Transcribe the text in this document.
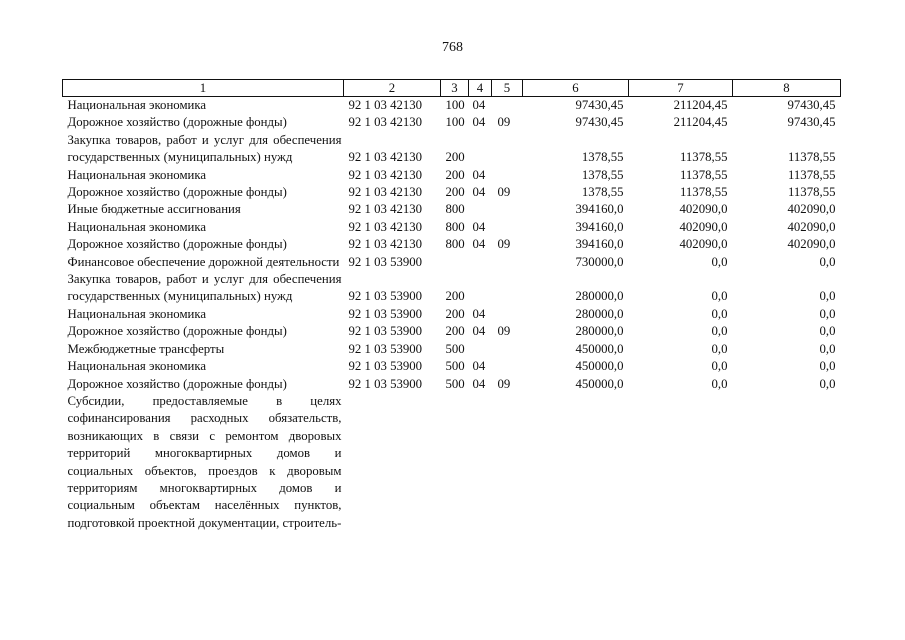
768
1	2	3	4	5	6	7	8
Национальная экономика	92 1 03 42130	100	04		97430,45	211204,45	97430,45
Дорожное хозяйство (дорожные фонды)	92 1 03 42130	100	04	09	97430,45	211204,45	97430,45
Закупка товаров, работ и услуг для обеспечения государственных (муниципальных) нужд	92 1 03 42130	200			1378,55	11378,55	11378,55
Национальная экономика	92 1 03 42130	200	04		1378,55	11378,55	11378,55
Дорожное хозяйство (дорожные фонды)	92 1 03 42130	200	04	09	1378,55	11378,55	11378,55
Иные бюджетные ассигнования	92 1 03 42130	800			394160,0	402090,0	402090,0
Национальная экономика	92 1 03 42130	800	04		394160,0	402090,0	402090,0
Дорожное хозяйство (дорожные фонды)	92 1 03 42130	800	04	09	394160,0	402090,0	402090,0
Финансовое обеспечение дорожной деятельности	92 1 03 53900				730000,0	0,0	0,0
Закупка товаров, работ и услуг для обеспечения государственных (муниципальных) нужд	92 1 03 53900	200			280000,0	0,0	0,0
Национальная экономика	92 1 03 53900	200	04		280000,0	0,0	0,0
Дорожное хозяйство (дорожные фонды)	92 1 03 53900	200	04	09	280000,0	0,0	0,0
Межбюджетные трансферты	92 1 03 53900	500			450000,0	0,0	0,0
Национальная экономика	92 1 03 53900	500	04		450000,0	0,0	0,0
Дорожное хозяйство (дорожные фонды)	92 1 03 53900	500	04	09	450000,0	0,0	0,0
Субсидии, предоставляемые в целях софинансирования расходных обязательств, возникающих в связи с ремонтом дворовых территорий многоквартирных домов и социальных объектов, проездов к дворовым территориям многоквартирных домов и социальным объектам населённых пунктов, подготовкой проектной документации, строитель-							
